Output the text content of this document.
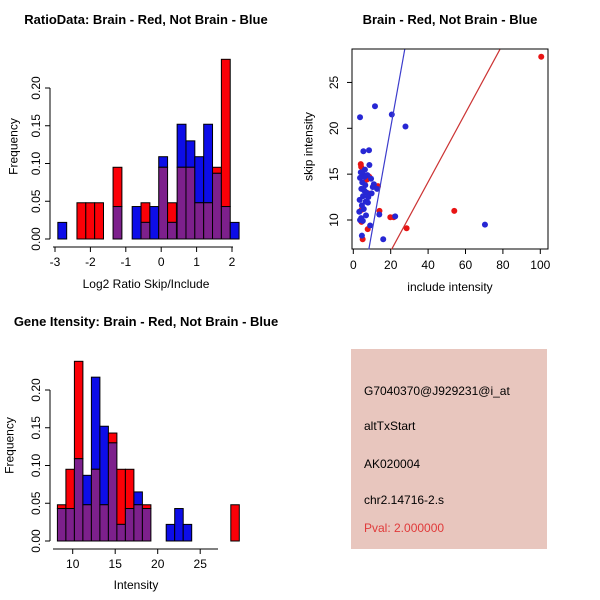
RatioData: Brain - Red, Not Brain - Blue	Brain - Red, Not Brain - Blue
Gene Itensity: Brain - Red, Not Brain - Blue
Log2 Ratio Skip/Include	include intensity
Intensity
Frequency	skip intensity
Frequency
0.00
0.05
0.10
0.15
0.20
-3 -2 -1 0 1 2	0 20 40 60 80 100
10
15
20
25
0.00
0.05
0.10
0.15
0.20
10 15 20 25
G7040370@J929231@i_at
altTxStart
AK020004
chr2.14716-2.s
Pval: 2.000000
